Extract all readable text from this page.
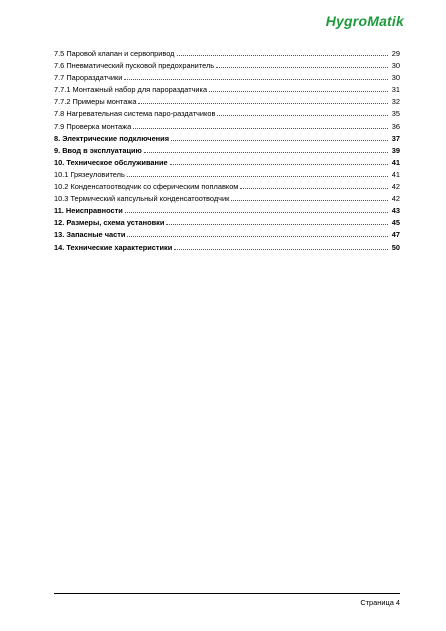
HygroMatik
7.5 Паровой клапан и сервопривод	29
7.6 Пневматический пусковой предохранитель	30
7.7 Пароpаздатчики	30
7.7.1 Монтажный набор для пароpаздатчика	31
7.7.2 Примеры монтажа	32
7.8 Нагревательная система паро-раздатчиков	35
7.9 Проверка монтажа	36
8. Электрические подключения	37
9. Ввод в эксплуатацию	39
10. Техническое обслуживание	41
10.1 Грязеуловитель	41
10.2 Конденсатоотводчик со сферическим поплавком	42
10.3 Термический капсульный конденсатоотводчик	42
11. Неисправности	43
12. Размеры, схема установки	45
13. Запасные части	47
14. Технические характеристики	50
Страница 4
